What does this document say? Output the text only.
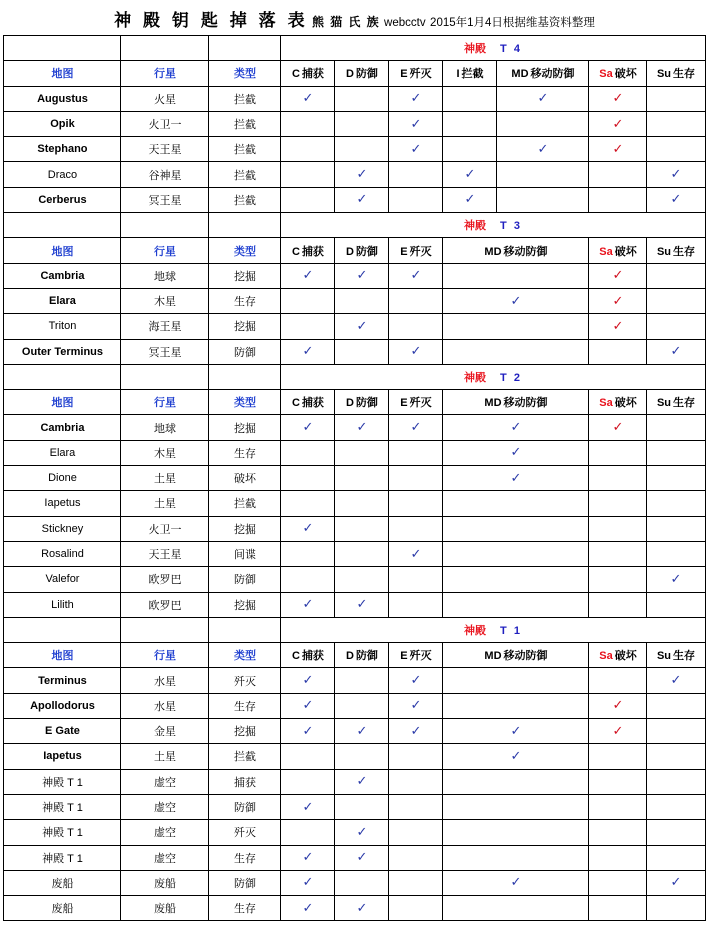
神 殿 钥 匙 掉 落 表 熊 猫 氏 族 webcctv 2015年1月4日根据维基资料整理
			神殿 T 4						
地图	行星	类型	C 捕获	D 防御	E 歼灭	I 拦截	MD 移动防御	Sa 破坏	Su 生存
Augustus	火星	拦截	✓		✓		✓	✓	
Opik	火卫一	拦截			✓			✓	
Stephano	天王星	拦截			✓		✓	✓	
Draco	谷神星	拦截		✓		✓			✓
Cerberus	冥王星	拦截		✓		✓			✓
			神殿 T 3						
地图	行星	类型	C 捕获	D 防御	E 歼灭	MD 移动防御		Sa 破坏	Su 生存
Cambria	地球	挖掘	✓	✓	✓			✓	
Elara	木星	生存				✓		✓	
Triton	海王星	挖掘		✓				✓	
Outer Terminus	冥王星	防御	✓		✓				✓
			神殿 T 2						
地图	行星	类型	C 捕获	D 防御	E 歼灭	MD 移动防御		Sa 破坏	Su 生存
Cambria	地球	挖掘	✓	✓	✓	✓		✓	
Elara	木星	生存				✓			
Dione	土星	破坏				✓			
Iapetus	土星	拦截							
Stickney	火卫一	挖掘	✓						
Rosalind	天王星	间谍			✓				
Valefor	欧罗巴	防御							✓
Lilith	欧罗巴	挖掘	✓	✓					
			神殿 T 1						
地图	行星	类型	C 捕获	D 防御	E 歼灭	MD 移动防御		Sa 破坏	Su 生存
Terminus	水星	歼灭	✓		✓				✓
Apollodorus	水星	生存	✓		✓			✓	
E Gate	金星	挖掘	✓	✓	✓	✓		✓	
Iapetus	土星	拦截				✓			
神殿 T 1	虚空	捕获		✓					
神殿 T 1	虚空	防御	✓						
神殿 T 1	虚空	歼灭		✓					
神殿 T 1	虚空	生存	✓	✓					
废船	废船	防御	✓			✓			✓
废船	废船	生存	✓	✓					
